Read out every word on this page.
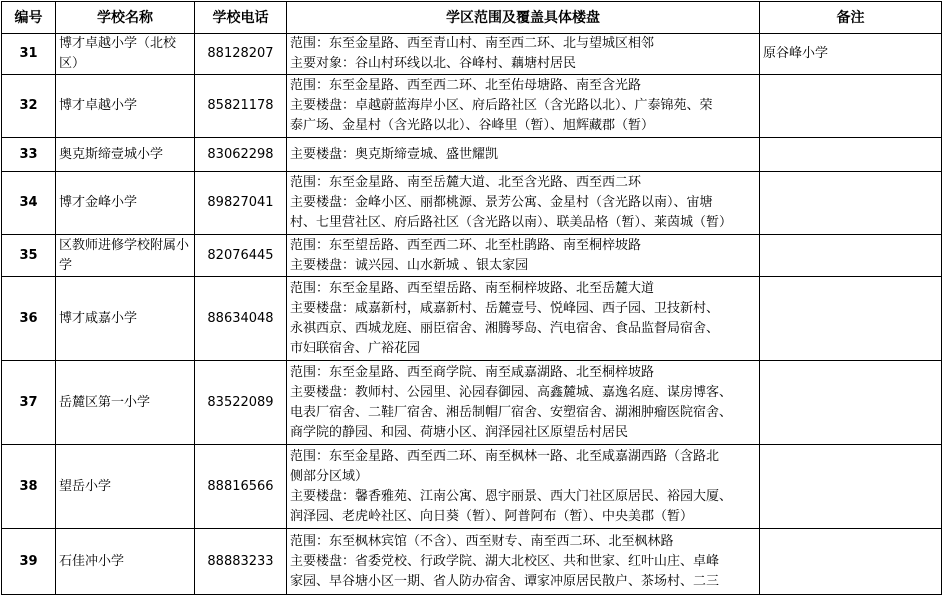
编号	学校名称	学校电话	学区范围及覆盖具体楼盘	备注
31	博才卓越小学（北校区）	88128207	范围：东至金星路、西至青山村、南至西二环、北与望城区相邻
主要对象：谷山村环线以北、谷峰村、藕塘村居民	原谷峰小学
32	博才卓越小学	85821178	范围：东至金星路、西至西二环、北至佑母塘路、南至含光路
主要楼盘：卓越蔚蓝海岸小区、府后路社区（含光路以北）、广泰锦苑、荣
泰广场、金星村（含光路以北）、谷峰里（暂）、旭辉藏郡（暂）	

33	奥克斯缔壹城小学	83062298	主要楼盘：奥克斯缔壹城、盛世耀凯	

34	博才金峰小学	89827041	范围：东至金星路、南至岳麓大道、北至含光路、西至西二环
主要楼盘：金峰小区、丽都桃源、景芳公寓、金星村（含光路以南）、宙塘
村、七里营社区、府后路社区（含光路以南）、联美品格（暂）、莱茵城（暂）	

35	区教师进修学校附属小学	82076445	范围：东至望岳路、西至西二环、北至杜鹃路、南至桐梓坡路
主要楼盘：诚兴园、山水新城 、银太家园	

36	博才咸嘉小学	88634048	范围：东至金星路、西至望岳路、南至桐梓坡路、北至岳麓大道
主要楼盘：咸嘉新村，咸嘉新村、岳麓壹号、悦峰园、西子园、卫技新村、
永祺西京、西城龙庭、丽臣宿舍、湘腾琴岛、汽电宿舍、食品监督局宿舍、
市妇联宿舍、广裕花园	

37	岳麓区第一小学	83522089	范围：东至金星路、西至商学院、南至咸嘉湖路、北至桐梓坡路
主要楼盘：教师村、公园里、沁园春御园、高鑫麓城、嘉逸名庭、谋房博客、
电表厂宿舍、二鞋厂宿舍、湘岳制帽厂宿舍、安塑宿舍、湖湘肿瘤医院宿舍、
商学院的静园、和园、荷塘小区、润泽园社区原望岳村居民	

38	望岳小学	88816566	范围：东至金星路、西至西二环、南至枫林一路、北至咸嘉湖西路（含路北
侧部分区域）
主要楼盘：馨香雅苑、江南公寓、恩宇丽景、西大门社区原居民、裕园大厦、
润泽园、老虎岭社区、向日葵（暂）、阿普阿布（暂）、中央美郡（暂）	

39	石佳冲小学	88883233	范围：东至枫林宾馆（不含）、西至财专、南至西二环、北至枫林路
主要楼盘：省委党校、行政学院、湖大北校区、共和世家、红叶山庄、卓峰
家园、早谷塘小区一期、省人防办宿舍、谭家冲原居民散户、茶场村、二三	
